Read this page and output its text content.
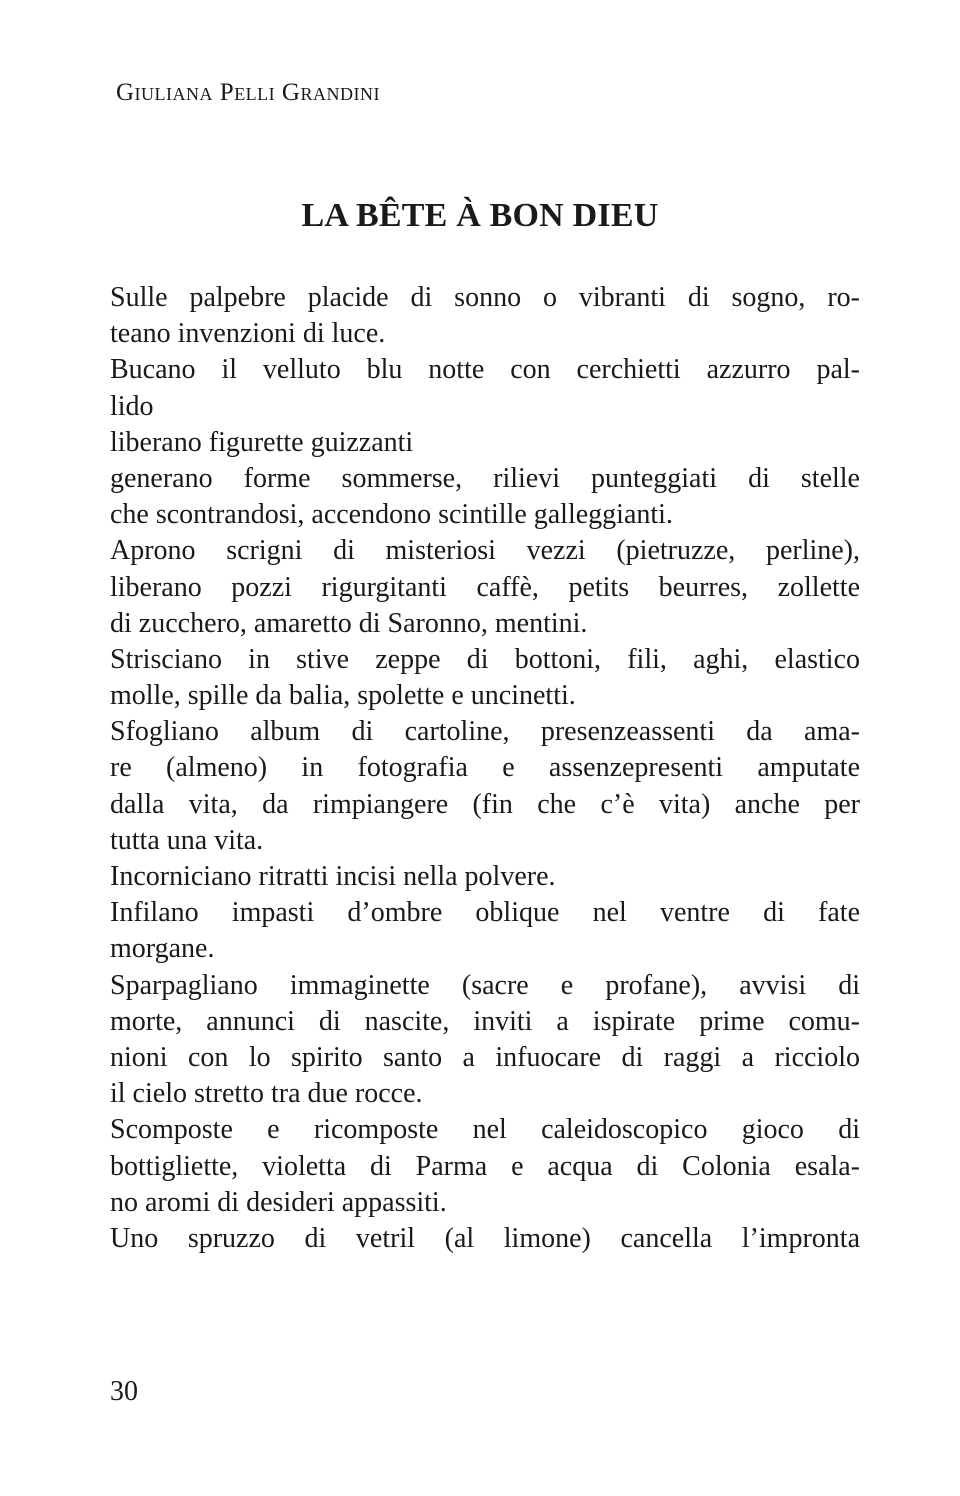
Giuliana Pelli Grandini
LA BÊTE À BON DIEU
Sulle palpebre placide di sonno o vibranti di sogno, ro-
teano invenzioni di luce.
Bucano il velluto blu notte con cerchietti azzurro pal-
lido
liberano figurette guizzanti
generano forme sommerse, rilievi punteggiati di stelle
che scontrandosi, accendono scintille galleggianti.
Aprono scrigni di misteriosi vezzi (pietruzze, perline),
liberano pozzi rigurgitanti caffè, petits beurres, zollette
di zucchero, amaretto di Saronno, mentini.
Strisciano in stive zeppe di bottoni, fili, aghi, elastico
molle, spille da balia, spolette e uncinetti.
Sfogliano album di cartoline, presenzeassenti da ama-
re (almeno) in fotografia e assenzepresenti amputate
dalla vita, da rimpiangere (fin che c’è vita) anche per
tutta una vita.
Incorniciano ritratti incisi nella polvere.
Infilano impasti d’ombre oblique nel ventre di fate
morgane.
Sparpagliano immaginette (sacre e profane), avvisi di
morte, annunci di nascite, inviti a ispirate prime comu-
nioni con lo spirito santo a infuocare di raggi a ricciolo
il cielo stretto tra due rocce.
Scomposte e ricomposte nel caleidoscopico gioco di
bottigliette, violetta di Parma e acqua di Colonia esala-
no aromi di desideri appassiti.
Uno spruzzo di vetril (al limone) cancella l’impronta
30
